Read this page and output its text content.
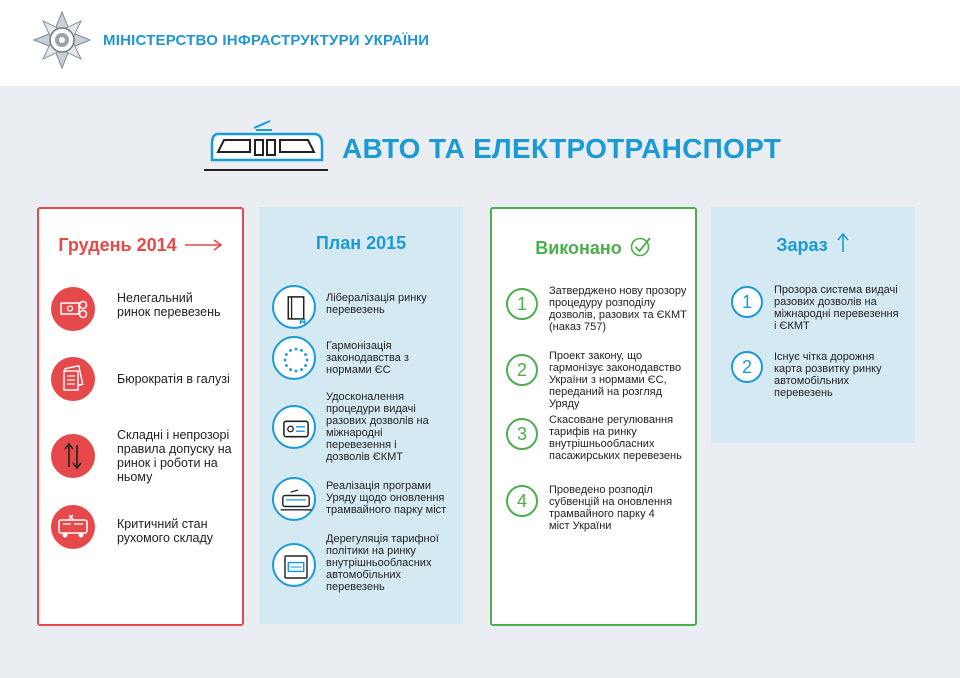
МІНІСТЕРСТВО ІНФРАСТРУКТУРИ УКРАЇНИ
АВТО ТА ЕЛЕКТРОТРАНСПОРТ
Грудень 2014
Нелегальний ринок перевезень
Бюрократія в галузі
Складні і непрозорі правила допуску на ринок і роботи на ньому
Критичний стан рухомого складу
План 2015
Лібералізація ринку перевезень
Гармонізація законодавства з нормами ЄС
Удосконалення процедури видачі разових дозволів на міжнародні перевезення і дозволів ЄКМТ
Реалізація програми Уряду щодо оновлення трамвайного парку міст
Дерегуляція тарифної політики на ринку внутрішньообласних автомобільних перевезень
Виконано
1
Затверджено нову прозору процедуру розподілу дозволів, разових та ЄКМТ (наказ 757)
2
Проект закону, що гармонізує законодавство України з нормами ЄС, переданий на розгляд Уряду
3
Скасоване регулювання тарифів на ринку внутрішньообласних пасажирських перевезень
4
Проведено розподіл субвенцій на оновлення трамвайного парку 4 міст України
Зараз
1
Прозора система видачі разових дозволів на міжнародні перевезення і ЄКМТ
2	Існує чітка дорожня карта розвитку ринку автомобільних перевезень
